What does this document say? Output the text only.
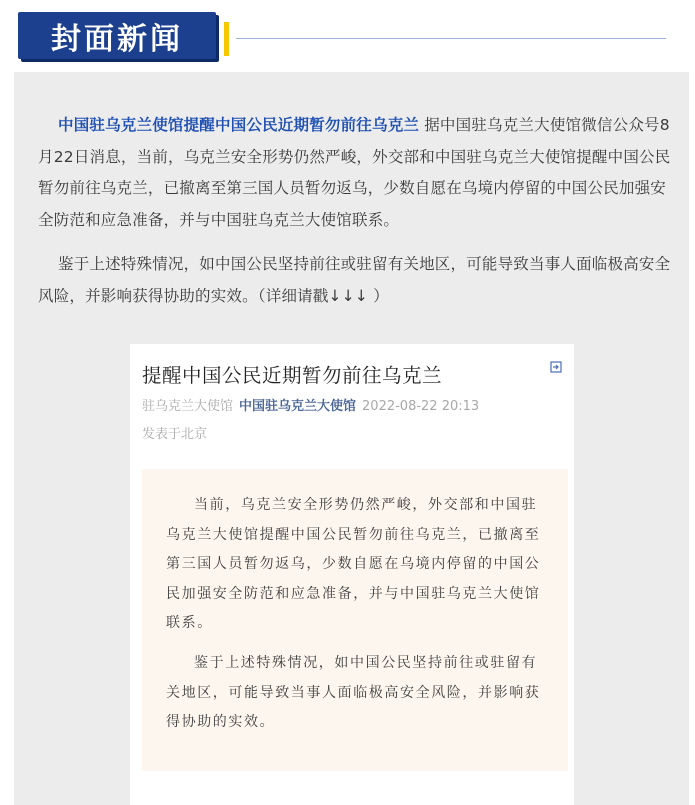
封面新闻

中国驻乌克兰使馆提醒中国公民近期暂勿前往乌克兰 据中国驻乌克兰大使馆微信公众号8月22日消息，当前，乌克兰安全形势仍然严峻，外交部和中国驻乌克兰大使馆提醒中国公民暂勿前往乌克兰，已撤离至第三国人员暂勿返乌，少数自愿在乌境内停留的中国公民加强安全防范和应急准备，并与中国驻乌克兰大使馆联系。

鉴于上述特殊情况，如中国公民坚持前往或驻留有关地区，可能导致当事人面临极高安全风险，并影响获得协助的实效。（详细请戳↓↓↓ ）

提醒中国公民近期暂勿前往乌克兰
驻乌克兰大使馆 中国驻乌克兰大使馆 2022-08-22 20:13
发表于北京

当前，乌克兰安全形势仍然严峻，外交部和中国驻乌克兰大使馆提醒中国公民暂勿前往乌克兰，已撤离至第三国人员暂勿返乌，少数自愿在乌境内停留的中国公民加强安全防范和应急准备，并与中国驻乌克兰大使馆联系。

鉴于上述特殊情况，如中国公民坚持前往或驻留有关地区，可能导致当事人面临极高安全风险，并影响获得协助的实效。
